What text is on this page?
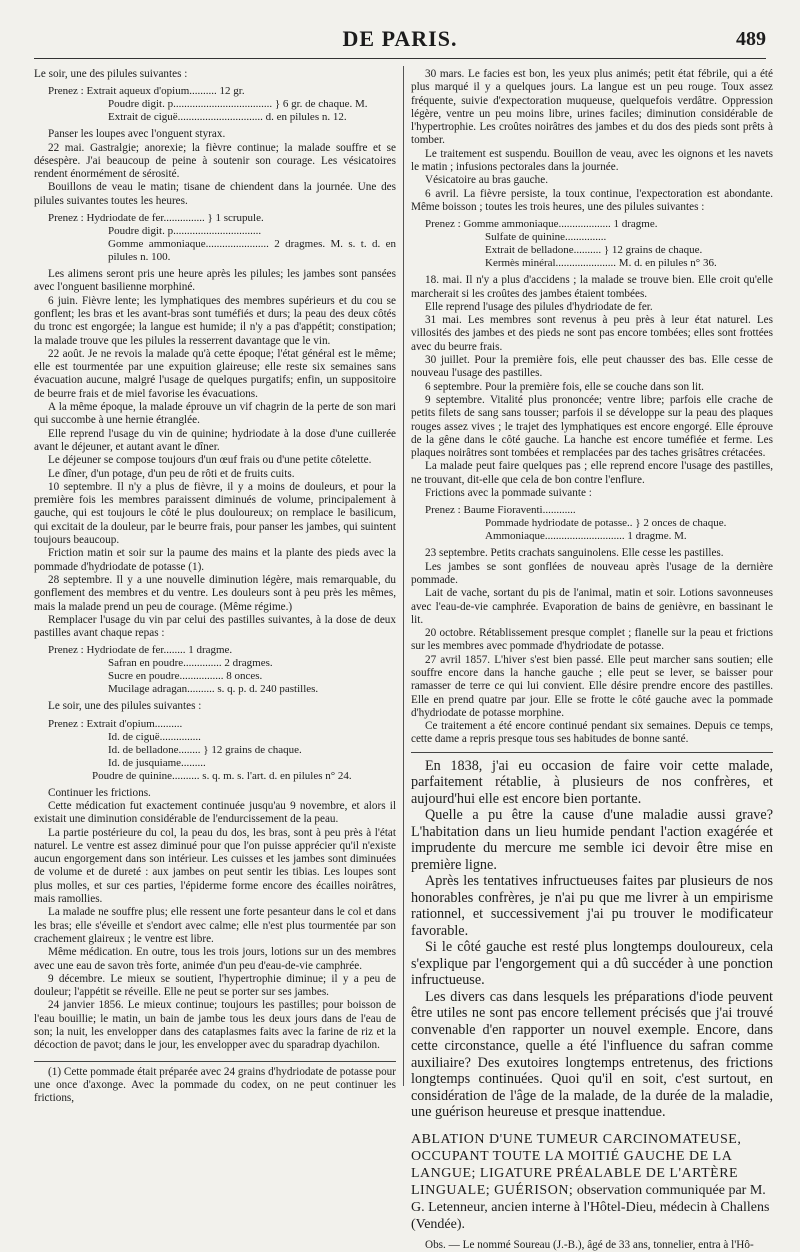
DE PARIS.	489

Le soir, une des pilules suivantes :

Prenez : Extrait aqueux d'opium.......... 12 gr.
Poudre digit. p.................................... } 6 gr. de chaque. M.
Extrait de ciguë............................... d. en pilules n. 12.

Panser les loupes avec l'onguent styrax.

22 mai. Gastralgie; anorexie; la fièvre continue; la malade souffre et se désespère. J'ai beaucoup de peine à soutenir son courage. Les vésicatoires rendent énormément de sérosité.

Bouillons de veau le matin; tisane de chiendent dans la journée. Une des pilules suivantes toutes les heures.

Prenez : Hydriodate de fer............... } 1 scrupule.
Poudre digit. p................................
Gomme ammoniaque....................... 2 dragmes. M. s. t. d. en pilules n. 100.

Les alimens seront pris une heure après les pilules; les jambes sont pansées avec l'onguent basilienne morphiné.

6 juin. Fièvre lente; les lymphatiques des membres supérieurs et du cou se gonflent; les bras et les avant-bras sont tuméfiés et durs; la peau des deux côtés du tronc est engorgée; la langue est humide; il n'y a pas d'appétit; constipation; la malade trouve que les pilules la resserrent davantage que le vin.

22 août. Je ne revois la malade qu'à cette époque; l'état général est le même; elle est tourmentée par une expuition glaireuse; elle reste six semaines sans évacuation aucune, malgré l'usage de quelques purgatifs; enfin, un suppositoire de beurre frais et de miel favorise les évacuations.

A la même époque, la malade éprouve un vif chagrin de la perte de son mari qui succombe à une hernie étranglée.

Elle reprend l'usage du vin de quinine; hydriodate à la dose d'une cuillerée avant le déjeuner, et autant avant le dîner.

Le déjeuner se compose toujours d'un œuf frais ou d'une petite côtelette.

Le dîner, d'un potage, d'un peu de rôti et de fruits cuits.

10 septembre. Il n'y a plus de fièvre, il y a moins de douleurs, et pour la première fois les membres paraissent diminués de volume, principalement à gauche, qui est toujours le côté le plus douloureux; on remplace le basilicum, qui excitait de la douleur, par le beurre frais, pour panser les jambes, qui suintent toujours beaucoup.

Friction matin et soir sur la paume des mains et la plante des pieds avec la pommade d'hydriodate de potasse (1).

28 septembre. Il y a une nouvelle diminution légère, mais remarquable, du gonflement des membres et du ventre. Les douleurs sont à peu près les mêmes, mais la malade prend un peu de courage. (Même régime.)

Remplacer l'usage du vin par celui des pastilles suivantes, à la dose de deux pastilles avant chaque repas :

Prenez : Hydriodate de fer........ 1 dragme.
Safran en poudre.............. 2 dragmes.
Sucre en poudre................ 8 onces.
Mucilage adragan.......... s. q. p. d. 240 pastilles.

Le soir, une des pilules suivantes :

Prenez : Extrait d'opium..........
Id. de ciguë...............
Id. de belladone........ } 12 grains de chaque.
Id. de jusquiame.........
Poudre de quinine.......... s. q. m. s. l'art. d. en pilules n° 24.

Continuer les frictions.

Cette médication fut exactement continuée jusqu'au 9 novembre, et alors il existait une diminution considérable de l'endurcissement de la peau.

La partie postérieure du col, la peau du dos, les bras, sont à peu près à l'état naturel. Le ventre est assez diminué pour que l'on puisse apprécier qu'il n'existe aucun engorgement dans son intérieur. Les cuisses et les jambes sont diminuées de volume et de dureté : aux jambes on peut sentir les tibias. Les loupes sont plus molles, et sur ces parties, l'épiderme forme encore des écailles noirâtres, mais ramollies.

La malade ne souffre plus; elle ressent une forte pesanteur dans le col et dans les bras; elle s'éveille et s'endort avec calme; elle n'est plus tourmentée par son crachement glaireux ; le ventre est libre.

Même médication. En outre, tous les trois jours, lotions sur un des membres avec une eau de savon très forte, animée d'un peu d'eau-de-vie camphrée.

9 décembre. Le mieux se soutient, l'hypertrophie diminue; il y a peu de douleur; l'appétit se réveille. Elle ne peut se porter sur ses jambes.

24 janvier 1856. Le mieux continue; toujours les pastilles; pour boisson de l'eau bouillie; le matin, un bain de jambe tous les deux jours dans de l'eau de son; la nuit, les envelopper dans des cataplasmes faits avec la farine de riz et la décoction de pavot; dans le jour, les envelopper avec du sparadrap dyachilon.

(1) Cette pommade était préparée avec 24 grains d'hydriodate de potasse pour une once d'axonge. Avec la pommade du codex, on ne peut continuer les frictions,

30 mars. Le facies est bon, les yeux plus animés; petit état fébrile, qui a été plus marqué il y a quelques jours. La langue est un peu rouge. Toux assez fréquente, suivie d'expectoration muqueuse, quelquefois verdâtre. Oppression légère, ventre un peu moins libre, urines faciles; diminution considérable de l'hypertrophie. Les croûtes noirâtres des jambes et du dos des pieds sont prêts à tomber.

Le traitement est suspendu. Bouillon de veau, avec les oignons et les navets le matin ; infusions pectorales dans la journée.

Vésicatoire au bras gauche.

6 avril. La fièvre persiste, la toux continue, l'expectoration est abondante. Même boisson ; toutes les trois heures, une des pilules suivantes :

Prenez : Gomme ammoniaque................... 1 dragme.
Sulfate de quinine...............
Extrait de belladone.......... } 12 grains de chaque.
Kermès minéral...................... M. d. en pilules n° 36.

18. mai. Il n'y a plus d'accidens ; la malade se trouve bien. Elle croit qu'elle marcherait si les croûtes des jambes étaient tombées.

Elle reprend l'usage des pilules d'hydriodate de fer.

31 mai. Les membres sont revenus à peu près à leur état naturel. Les villosités des jambes et des pieds ne sont pas encore tombées; elles sont frottées avec du beurre frais.

30 juillet. Pour la première fois, elle peut chausser des bas. Elle cesse de nouveau l'usage des pastilles.

6 septembre. Pour la première fois, elle se couche dans son lit.

9 septembre. Vitalité plus prononcée; ventre libre; parfois elle crache de petits filets de sang sans tousser; parfois il se développe sur la peau des plaques rouges assez vives ; le trajet des lymphatiques est encore engorgé. Elle éprouve de la gêne dans le côté gauche. La hanche est encore tuméfiée et ferme. Les plaques noirâtres sont tombées et remplacées par des taches grisâtres crétacées.

La malade peut faire quelques pas ; elle reprend encore l'usage des pastilles, ne trouvant, dit-elle que cela de bon contre l'enflure.

Frictions avec la pommade suivante :

Prenez : Baume Fioraventi............
Pommade hydriodate de potasse.. } 2 onces de chaque.
Ammoniaque............................. 1 dragme. M.

23 septembre. Petits crachats sanguinolens. Elle cesse les pastilles.

Les jambes se sont gonflées de nouveau après l'usage de la dernière pommade.

Lait de vache, sortant du pis de l'animal, matin et soir. Lotions savonneuses avec l'eau-de-vie camphrée. Evaporation de bains de genièvre, en bassinant le lit.

20 octobre. Rétablissement presque complet ; flanelle sur la peau et frictions sur les membres avec pommade d'hydriodate de potasse.

27 avril 1857. L'hiver s'est bien passé. Elle peut marcher sans soutien; elle souffre encore dans la hanche gauche ; elle peut se lever, se baisser pour ramasser de terre ce qui lui convient. Elle désire prendre encore des pastilles. Elle en prend quatre par jour. Elle se frotte le côté gauche avec la pommade d'hydriodate de potasse morphine.

Ce traitement a été encore continué pendant six semaines. Depuis ce temps, cette dame a repris presque tous ses habitudes de bonne santé.

En 1838, j'ai eu occasion de faire voir cette malade, parfaitement rétablie, à plusieurs de nos confrères, et aujourd'hui elle est encore bien portante.

Quelle a pu être la cause d'une maladie aussi grave? L'habitation dans un lieu humide pendant l'action exagérée et imprudente du mercure me semble ici devoir être mise en première ligne.

Après les tentatives infructueuses faites par plusieurs de nos honorables confrères, je n'ai pu que me livrer à un empirisme rationnel, et successivement j'ai pu trouver le modificateur favorable.

Si le côté gauche est resté plus longtemps douloureux, cela s'explique par l'engorgement qui a dû succéder à une ponction infructueuse.

Les divers cas dans lesquels les préparations d'iode peuvent être utiles ne sont pas encore tellement précisés que j'ai trouvé convenable d'en rapporter un nouvel exemple. Encore, dans cette circonstance, quelle a été l'influence du safran comme auxiliaire? Des exutoires longtemps entretenus, des frictions longtemps continuées. Quoi qu'il en soit, c'est surtout, en considération de l'âge de la malade, de la durée de la maladie, une guérison heureuse et presque inattendue.

ABLATION D'UNE TUMEUR CARCINOMATEUSE, OCCUPANT TOUTE LA MOITIÉ GAUCHE DE LA LANGUE; LIGATURE PRÉALABLE DE L'ARTÈRE LINGUALE; GUÉRISON; observation communiquée par M. G. Letenneur, ancien interne à l'Hôtel-Dieu, médecin à Challens (Vendée).

Obs. — Le nommé Soureau (J.-B.), âgé de 33 ans, tonnelier, entra à l'Hô-
